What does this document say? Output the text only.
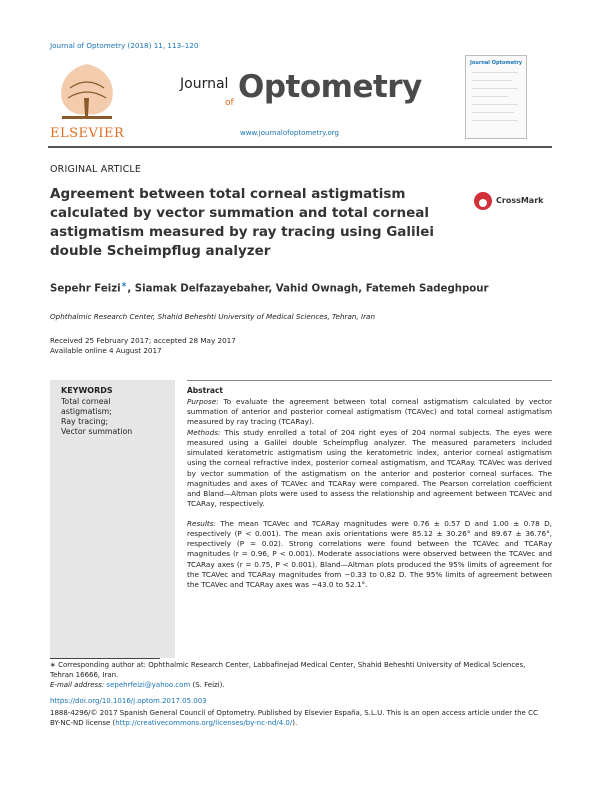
Journal of Optometry (2018) 11, 113–120
ELSEVIER
Journal
of Optometry
www.journalofoptometry.org
Journal Optometry
ORIGINAL ARTICLE
Agreement between total corneal astigmatism calculated by vector summation and total corneal astigmatism measured by ray tracing using Galilei double Scheimpflug analyzer
CrossMark
Sepehr Feizi∗, Siamak Delfazayebaher, Vahid Ownagh, Fatemeh Sadeghpour
Ophthalmic Research Center, Shahid Beheshti University of Medical Sciences, Tehran, Iran
Received 25 February 2017; accepted 28 May 2017
Available online 4 August 2017
KEYWORDS
Total corneal
astigmatism;
Ray tracing;
Vector summation
Abstract
Purpose: To evaluate the agreement between total corneal astigmatism calculated by vector summation of anterior and posterior corneal astigmatism (TCAVec) and total corneal astigmatism measured by ray tracing (TCARay).
Methods: This study enrolled a total of 204 right eyes of 204 normal subjects. The eyes were measured using a Galilei double Scheimpflug analyzer. The measured parameters included simulated keratometric astigmatism using the keratometric index, anterior corneal astigmatism using the corneal refractive index, posterior corneal astigmatism, and TCARay. TCAVec was derived by vector summation of the astigmatism on the anterior and posterior corneal surfaces. The magnitudes and axes of TCAVec and TCARay were compared. The Pearson correlation coefficient and Bland—Altman plots were used to assess the relationship and agreement between TCAVec and TCARay, respectively.
Results: The mean TCAVec and TCARay magnitudes were 0.76 ± 0.57 D and 1.00 ± 0.78 D, respectively (P < 0.001). The mean axis orientations were 85.12 ± 30.26° and 89.67 ± 36.76°, respectively (P = 0.02). Strong correlations were found between the TCAVec and TCARay magnitudes (r = 0.96, P < 0.001). Moderate associations were observed between the TCAVec and TCARay axes (r = 0.75, P < 0.001). Bland—Altman plots produced the 95% limits of agreement for the TCAVec and TCARay magnitudes from −0.33 to 0.82 D. The 95% limits of agreement between the TCAVec and TCARay axes was −43.0 to 52.1°.
∗ Corresponding author at: Ophthalmic Research Center, Labbafinejad Medical Center, Shahid Beheshti University of Medical Sciences, Tehran 16666, Iran.
E-mail address: sepehrfeizi@yahoo.com (S. Feizi).
https://doi.org/10.1016/j.optom.2017.05.003
1888-4296/© 2017 Spanish General Council of Optometry. Published by Elsevier España, S.L.U. This is an open access article under the CC BY-NC-ND license (http://creativecommons.org/licenses/by-nc-nd/4.0/).
